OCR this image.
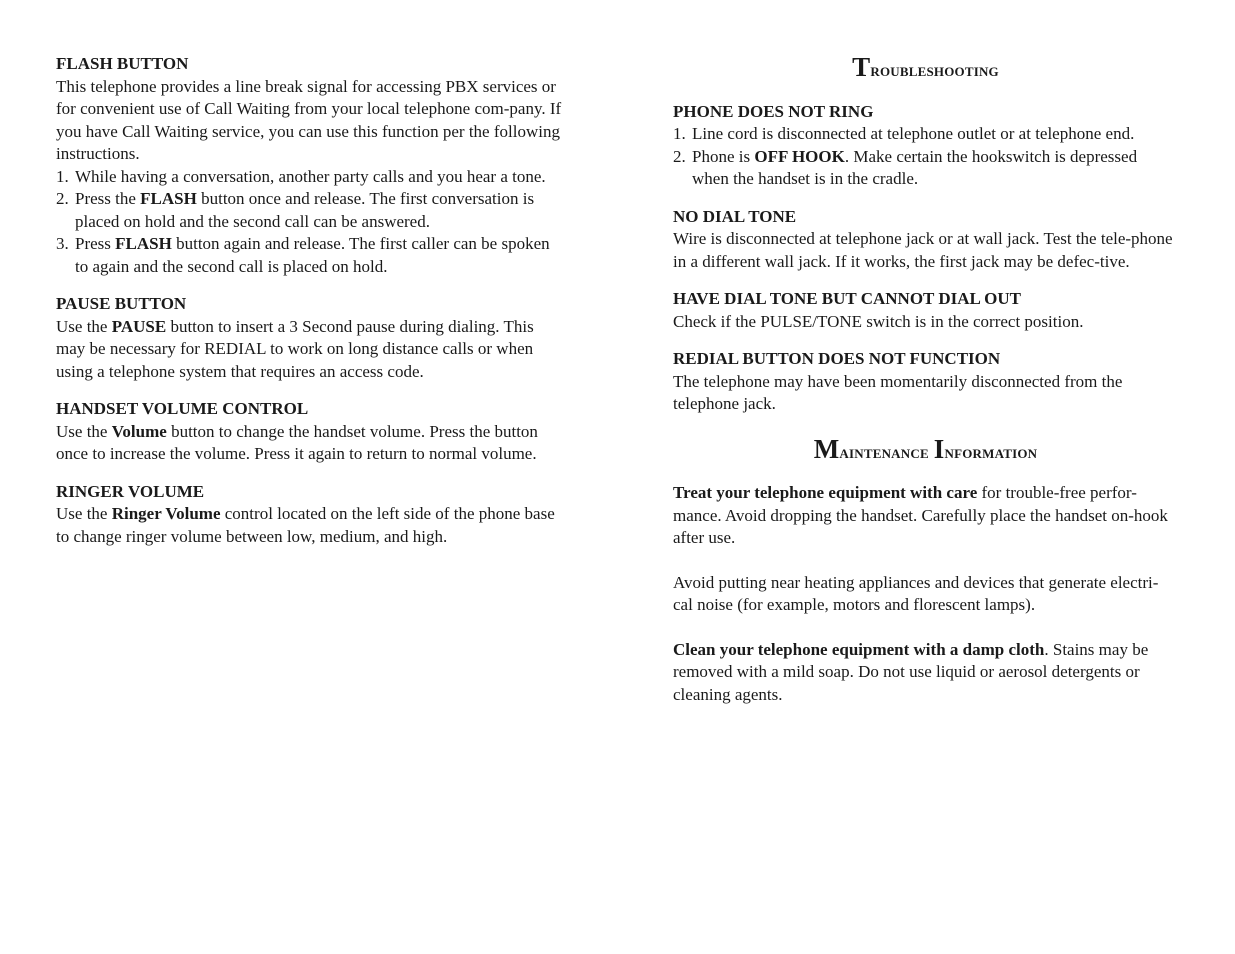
FLASH BUTTON

This telephone provides a line break signal for accessing PBX services or for convenient use of Call Waiting from your local telephone com-pany. If you have Call Waiting service, you can use this function per the following instructions.

1. While having a conversation, another party calls and you hear a tone.
2. Press the FLASH button once and release. The first conversation is placed on hold and the second call can be answered.
3. Press FLASH button again and release. The first caller can be spoken to again and the second call is placed on hold.

PAUSE BUTTON

Use the PAUSE button to insert a 3 Second pause during dialing. This may be necessary for REDIAL to work on long distance calls or when using a telephone system that requires an access code.

HANDSET VOLUME CONTROL

Use the Volume button to change the handset volume. Press the button once to increase the volume. Press it again to return to normal volume.

RINGER VOLUME

Use the Ringer Volume control located on the left side of the phone base to change ringer volume between low, medium, and high.

Troubleshooting

PHONE DOES NOT RING

1. Line cord is disconnected at telephone outlet or at telephone end.
2. Phone is OFF HOOK. Make certain the hookswitch is depressed when the handset is in the cradle.

NO DIAL TONE

Wire is disconnected at telephone jack or at wall jack. Test the tele-phone in a different wall jack. If it works, the first jack may be defec-tive.

HAVE DIAL TONE BUT CANNOT DIAL OUT

Check if the PULSE/TONE switch is in the correct position.

REDIAL BUTTON DOES NOT FUNCTION

The telephone may have been momentarily disconnected from the telephone jack.

Maintenance Information

Treat your telephone equipment with care for trouble-free perfor-mance. Avoid dropping the handset. Carefully place the handset on-hook after use.

Avoid putting near heating appliances and devices that generate electri-cal noise (for example, motors and florescent lamps).

Clean your telephone equipment with a damp cloth. Stains may be removed with a mild soap. Do not use liquid or aerosol detergents or cleaning agents.
